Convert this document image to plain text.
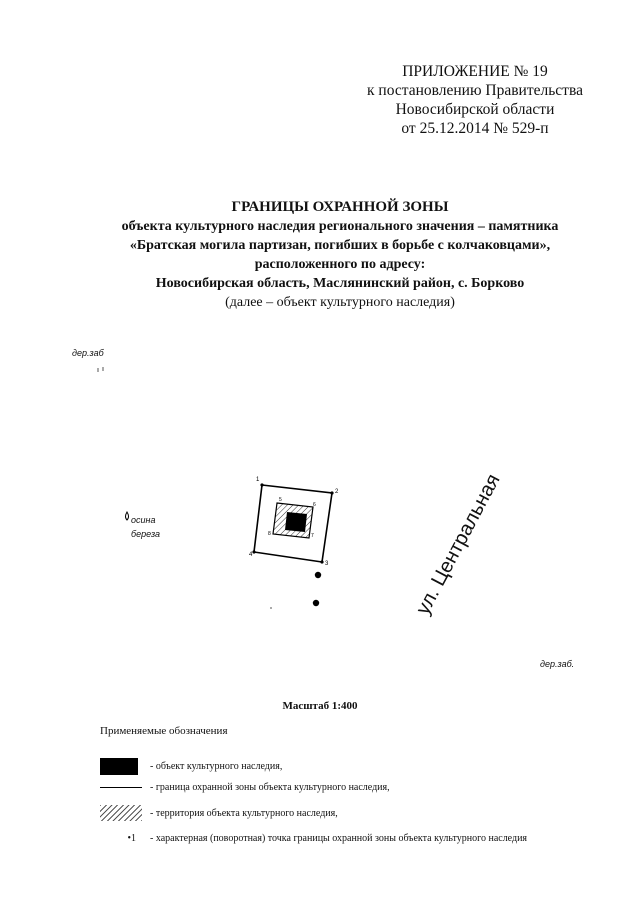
ПРИЛОЖЕНИЕ № 19
к постановлению Правительства
Новосибирской области
от 25.12.2014 № 529-п
ГРАНИЦЫ ОХРАННОЙ ЗОНЫ
объекта культурного наследия регионального значения – памятника
«Братская могила партизан, погибших в борьбе с колчаковцами»,
расположенного по адресу:
Новосибирская область, Маслянинский район, с. Борково
(далее – объект культурного наследия)
1
2
3
4
5
6
7
8
дер.заб
осина
береза
дер.заб.
ул. Центральная
Масштаб 1:400
Применяемые обозначения
- объект культурного наследия,
- граница охранной зоны объекта культурного наследия,
- территория объекта культурного наследия,
•1 - характерная (поворотная) точка границы охранной зоны объекта культурного наследия
